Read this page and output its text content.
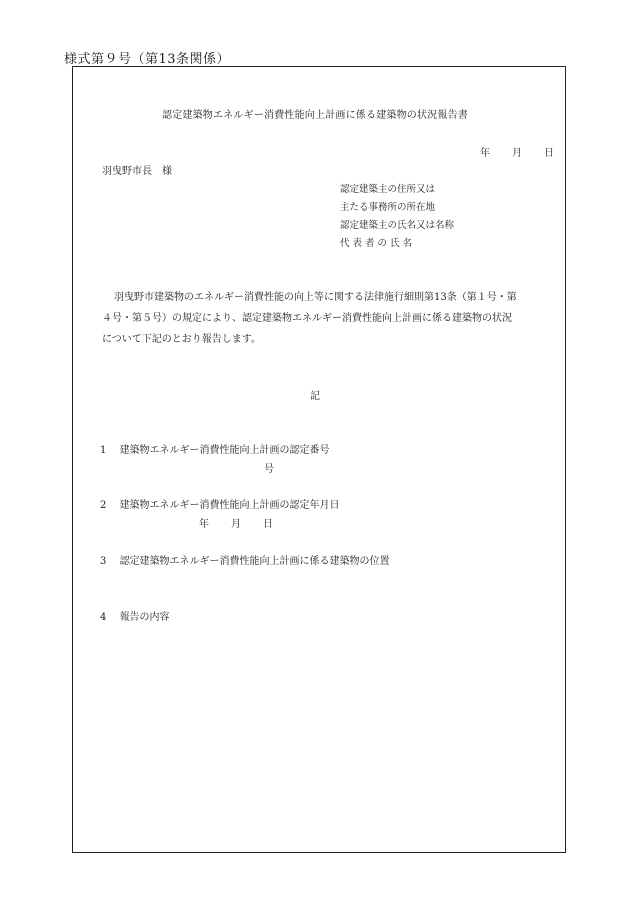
様式第９号（第13条関係）
認定建築物エネルギー消費性能向上計画に係る建築物の状況報告書
年 月 日
羽曳野市長　様
認定建築主の住所又は
主たる事務所の所在地
認定建築主の氏名又は名称
代 表 者 の 氏 名
羽曳野市建築物のエネルギー消費性能の向上等に関する法律施行細則第13条（第１号・第
４号・第５号）の規定により、認定建築物エネルギー消費性能向上計画に係る建築物の状況
について下記のとおり報告します。
記
1　 建築物エネルギー消費性能向上計画の認定番号
号
2　 建築物エネルギー消費性能向上計画の認定年月日
年 月 日
3　 認定建築物エネルギー消費性能向上計画に係る建築物の位置
4　 報告の内容
